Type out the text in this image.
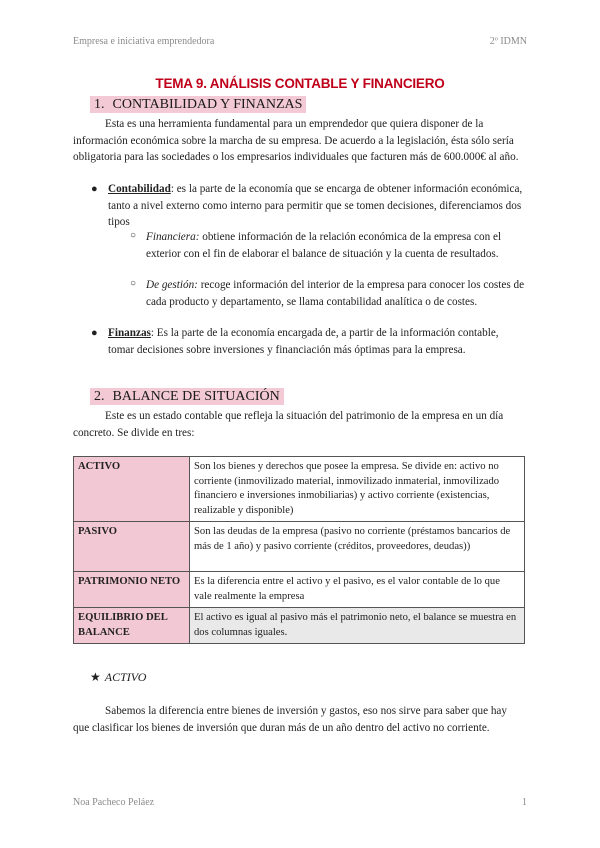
Empresa e iniciativa emprendedora	2º IDMN
TEMA 9. ANÁLISIS CONTABLE Y FINANCIERO
1. CONTABILIDAD Y FINANZAS
Esta es una herramienta fundamental para un emprendedor que quiera disponer de la información económica sobre la marcha de su empresa. De acuerdo a la legislación, ésta sólo sería obligatoria para las sociedades o los empresarios individuales que facturen más de 600.000€ al año.
● Contabilidad: es la parte de la economía que se encarga de obtener información económica, tanto a nivel externo como interno para permitir que se tomen decisiones, diferenciamos dos tipos
○ Financiera: obtiene información de la relación económica de la empresa con el exterior con el fin de elaborar el balance de situación y la cuenta de resultados.
○ De gestión: recoge información del interior de la empresa para conocer los costes de cada producto y departamento, se llama contabilidad analítica o de costes.
● Finanzas: Es la parte de la economía encargada de, a partir de la información contable, tomar decisiones sobre inversiones y financiación más óptimas para la empresa.
2. BALANCE DE SITUACIÓN
Este es un estado contable que refleja la situación del patrimonio de la empresa en un día concreto. Se divide en tres:
ACTIVO	Son los bienes y derechos que posee la empresa. Se divide en: activo no corriente (inmovilizado material, inmovilizado inmaterial, inmovilizado financiero e inversiones inmobiliarias) y activo corriente (existencias, realizable y disponible)
PASIVO	Son las deudas de la empresa (pasivo no corriente (préstamos bancarios de más de 1 año) y pasivo corriente (créditos, proveedores, deudas))
PATRIMONIO NETO	Es la diferencia entre el activo y el pasivo, es el valor contable de lo que vale realmente la empresa
EQUILIBRIO DEL BALANCE	El activo es igual al pasivo más el patrimonio neto, el balance se muestra en dos columnas iguales.
★ ACTIVO
Sabemos la diferencia entre bienes de inversión y gastos, eso nos sirve para saber que hay que clasificar los bienes de inversión que duran más de un año dentro del activo no corriente.
Noa Pacheco Peláez	1
